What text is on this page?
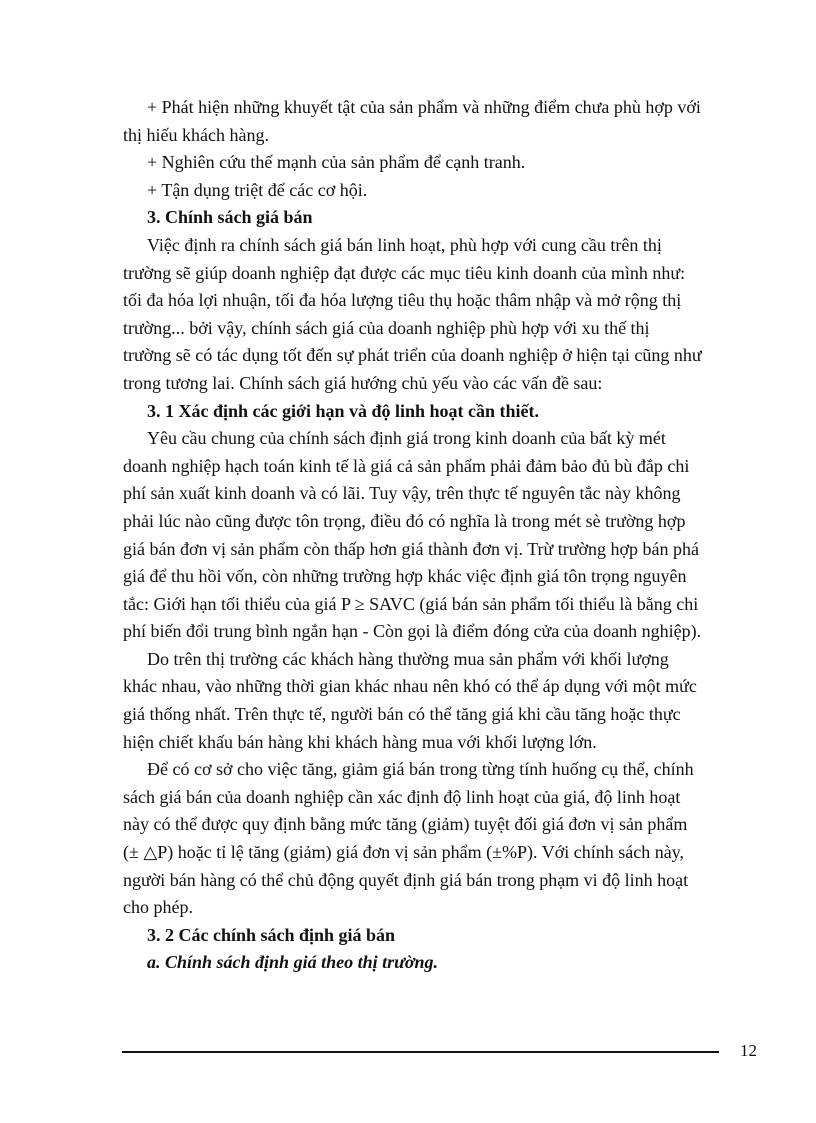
+ Phát hiện những khuyết tật của sản phẩm và những điểm chưa phù hợp với
thị hiếu khách hàng.
+ Nghiên cứu thế mạnh của sản phẩm để cạnh tranh.
+ Tận dụng triệt để các cơ hội.
3. Chính sách giá bán
Việc định ra chính sách giá bán linh hoạt, phù hợp với cung cầu trên thị
trường sẽ giúp doanh nghiệp đạt được các mục tiêu kinh doanh của mình như:
tối đa hóa lợi nhuận, tối đa hóa lượng tiêu thụ hoặc thâm nhập và mở rộng thị
trường... bởi vậy, chính sách giá của doanh nghiệp phù hợp với xu thế thị
trường sẽ có tác dụng tốt đến sự phát triển của doanh nghiệp ở hiện tại cũng như
trong tương lai. Chính sách giá hướng chủ yếu vào các vấn đề sau:
3. 1 Xác định các giới hạn và độ linh hoạt cần thiết.
Yêu cầu chung của chính sách định giá trong kinh doanh của bất kỳ mét
doanh nghiệp hạch toán kinh tế là giá cả sản phẩm phải đảm bảo đủ bù đắp chi
phí sản xuất kinh doanh và có lãi. Tuy vậy, trên thực tế nguyên tắc này không
phải lúc nào cũng được tôn trọng, điều đó có nghĩa là trong mét sè trường hợp
giá bán đơn vị sản phẩm còn thấp hơn giá thành đơn vị. Trừ trường hợp bán phá
giá để thu hồi vốn, còn những trường hợp khác việc định giá tôn trọng nguyên
tắc: Giới hạn tối thiểu của giá P ≥ SAVC (giá bán sản phẩm tối thiểu là bằng chi
phí biến đổi trung bình ngắn hạn - Còn gọi là điểm đóng cửa của doanh nghiệp).
Do trên thị trường các khách hàng thường mua sản phẩm với khối lượng
khác nhau, vào những thời gian khác nhau nên khó có thể áp dụng với một mức
giá thống nhất. Trên thực tế, người bán có thể tăng giá khi cầu tăng hoặc thực
hiện chiết khấu bán hàng khi khách hàng mua với khối lượng lớn.
Để có cơ sở cho việc tăng, giảm giá bán trong từng tính huống cụ thể, chính
sách giá bán của doanh nghiệp cần xác định độ linh hoạt của giá, độ linh hoạt
này có thể được quy định bằng mức tăng (giảm) tuyệt đối giá đơn vị sản phẩm
(± △P) hoặc tỉ lệ tăng (giảm) giá đơn vị sản phẩm (±%P). Với chính sách này,
người bán hàng có thể chủ động quyết định giá bán trong phạm vi độ linh hoạt
cho phép.
3. 2 Các chính sách định giá bán
a. Chính sách định giá theo thị trường.
12
